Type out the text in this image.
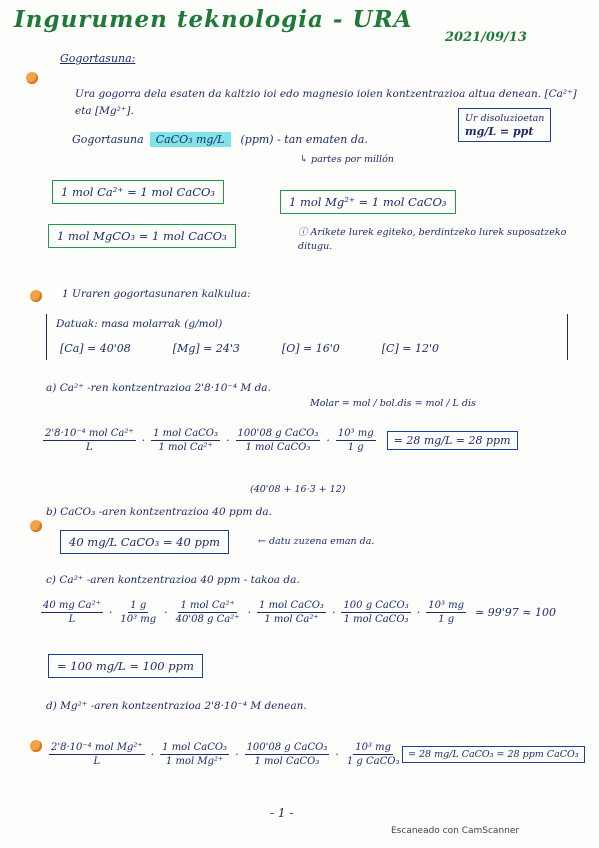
Ingurumen teknologia - URA
2021/09/13
Gogortasuna:
Ura gogorra dela esaten da kaltzio ioi edo magnesio ioien kontzentrazioa altua denean. [Ca²⁺] eta [Mg²⁺].
Gogortasuna	CaCO₃ mg/L	(ppm) - tan ematen da.
↳ partes por millón
Ur disoluzioetan
mg/L = ppt
1 mol Ca²⁺ = 1 mol CaCO₃
1 mol Mg²⁺ = 1 mol CaCO₃
1 mol MgCO₃ = 1 mol CaCO₃	ⓘ Arikete lurek egiteko, berdintzeko lurek suposatzeko ditugu.
1 Uraren gogortasunaren kalkulua:
Datuak: masa molarrak (g/mol)
[Ca] = 40'08	[Mg] = 24'3	[O] = 16'0	[C] = 12'0
a) Ca²⁺ -ren kontzentrazioa 2'8·10⁻⁴ M da.
Molar = mol / bol.dis = mol / L dis
$\frac{\text{2'8·10⁻⁴ mol Ca²⁺}}{L} \cdot \frac{\text{1 mol CaCO₃}}{\text{1 mol Ca²⁺}} \cdot \frac{\text{100'08 g CaCO₃}}{\text{1 mol CaCO₃}} \cdot \frac{\text{10³ mg}}{1 g}$	= 28 mg/L = 28 ppm
(40'08 + 16·3 + 12)
b) CaCO₃ -aren kontzentrazioa 40 ppm da.
40 mg/L CaCO₃ = 40 ppm	← datu zuzena eman da.
c) Ca²⁺ -aren kontzentrazioa 40 ppm - takoa da.
$\frac{\text{40 mg Ca²⁺}}{L} \cdot \frac{1 g}{\text{10³ mg}} \cdot \frac{\text{1 mol Ca²⁺}}{\text{40'08 g Ca²⁺}} \cdot \frac{\text{1 mol CaCO₃}}{\text{1 mol Ca²⁺}} \cdot \frac{\text{100 g CaCO₃}}{\text{1 mol CaCO₃}} \cdot \frac{\text{10³ mg}}{1 g}$ ≃ 99'97 ≈ 100
= 100 mg/L = 100 ppm
d) Mg²⁺ -aren kontzentrazioa 2'8·10⁻⁴ M denean.
$\frac{\text{2'8·10⁻⁴ mol Mg²⁺}}{L} \cdot \frac{\text{1 mol CaCO₃}}{\text{1 mol Mg²⁺}} \cdot \frac{\text{100'08 g CaCO₃}}{\text{1 mol CaCO₃}} \cdot \frac{\text{10³ mg}}{\text{1 g CaCO₃}} = 28$ mg/L CaCO₃ = 28 ppm CaCO₃
- 1 -
Escaneado con CamScanner
